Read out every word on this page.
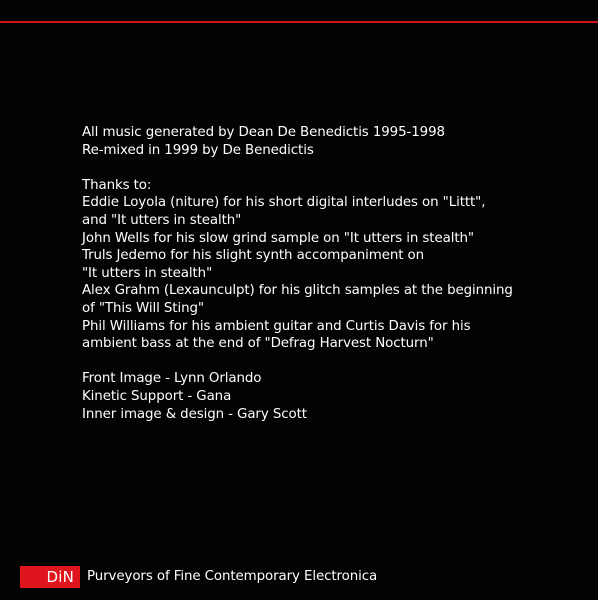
All music generated by Dean De Benedictis 1995-1998
Re-mixed in 1999 by De Benedictis
Thanks to:
Eddie Loyola (niture) for his short digital interludes on "Littt",
and "It utters in stealth"
John Wells for his slow grind sample on "It utters in stealth"
Truls Jedemo for his slight synth accompaniment on
"It utters in stealth"
Alex Grahm (Lexaunculpt) for his glitch samples at the beginning
of "This Will Sting"
Phil Williams for his ambient guitar and Curtis Davis for his
ambient bass at the end of "Defrag Harvest Nocturn"
Front Image - Lynn Orlando
Kinetic Support - Gana
Inner image & design - Gary Scott
DiN Purveyors of Fine Contemporary Electronica
